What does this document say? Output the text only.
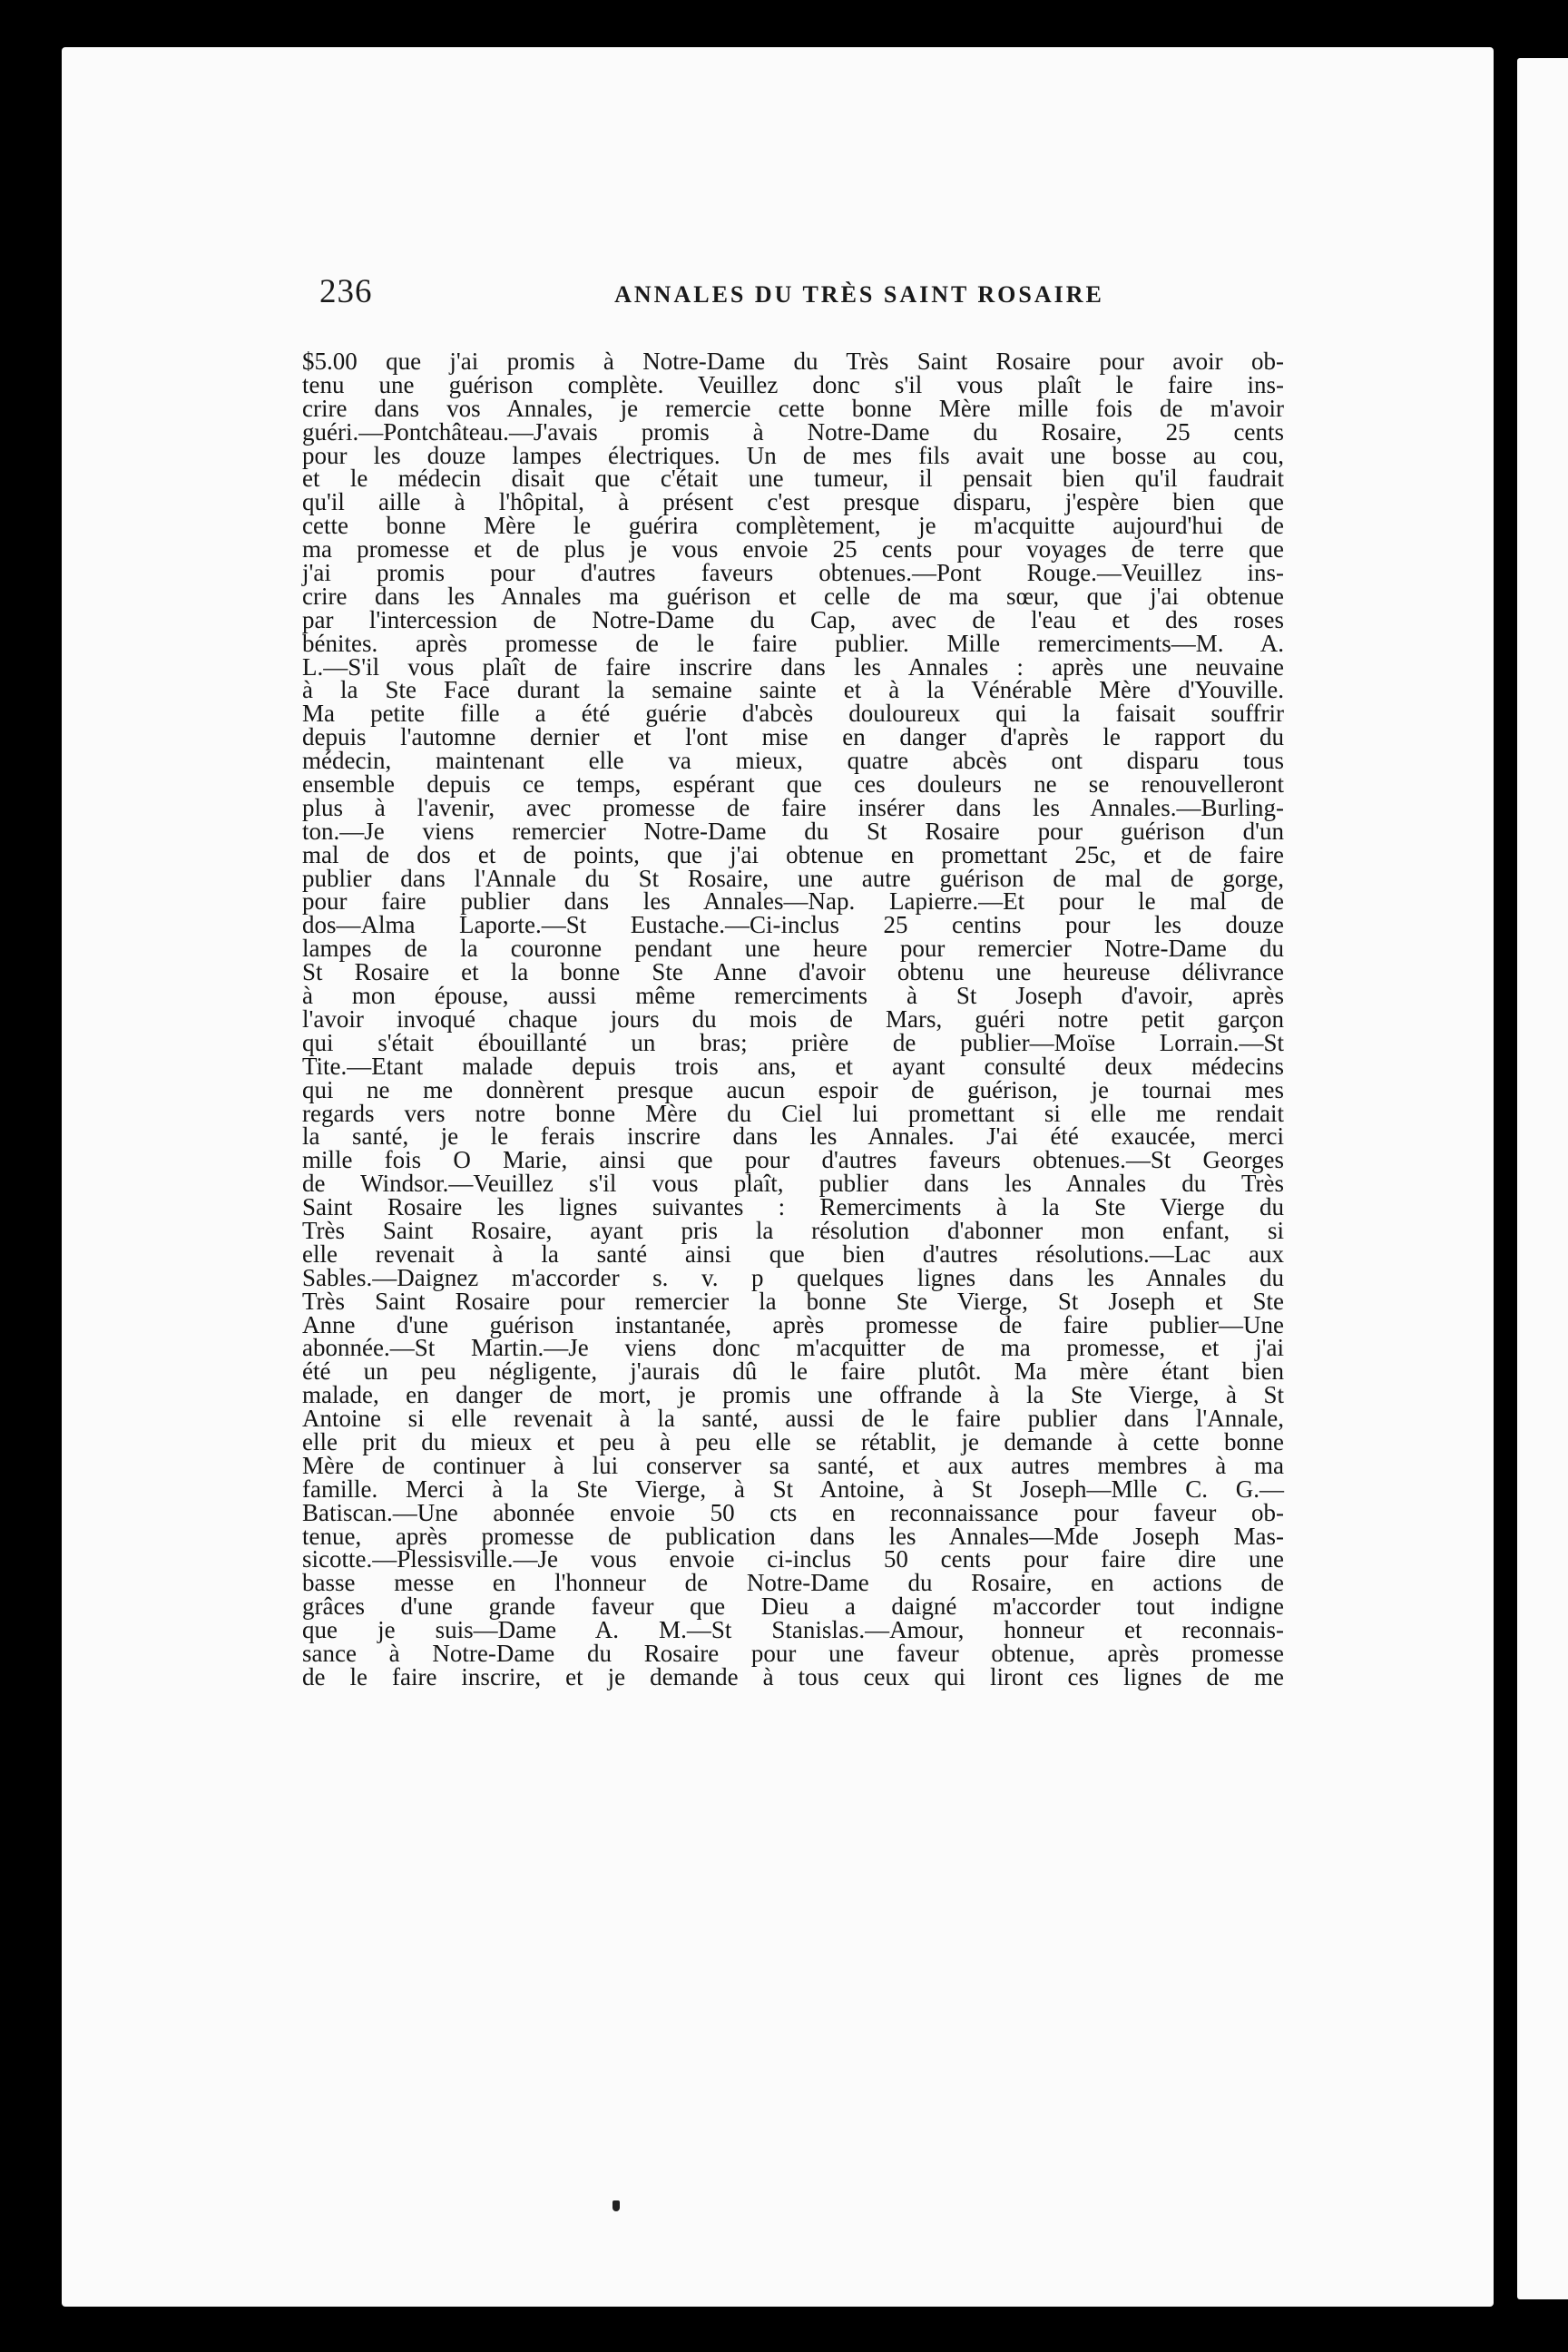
236	ANNALES DU TRÈS SAINT ROSAIRE
$5.00 que j'ai promis à Notre-Dame du Très Saint Rosaire pour avoir ob-
tenu une guérison complète. Veuillez donc s'il vous plaît le faire ins-
crire dans vos Annales, je remercie cette bonne Mère mille fois de m'avoir
guéri.—Pontchâteau.—J'avais promis à Notre-Dame du Rosaire, 25 cents
pour les douze lampes électriques. Un de mes fils avait une bosse au cou,
et le médecin disait que c'était une tumeur, il pensait bien qu'il faudrait
qu'il aille à l'hôpital, à présent c'est presque disparu, j'espère bien que
cette bonne Mère le guérira complètement, je m'acquitte aujourd'hui de
ma promesse et de plus je vous envoie 25 cents pour voyages de terre que
j'ai promis pour d'autres faveurs obtenues.—Pont Rouge.—Veuillez ins-
crire dans les Annales ma guérison et celle de ma sœur, que j'ai obtenue
par l'intercession de Notre-Dame du Cap, avec de l'eau et des roses
bénites. après promesse de le faire publier. Mille remerciments—M. A.
L.—S'il vous plaît de faire inscrire dans les Annales : après une neuvaine
à la Ste Face durant la semaine sainte et à la Vénérable Mère d'Youville.
Ma petite fille a été guérie d'abcès douloureux qui la faisait souffrir
depuis l'automne dernier et l'ont mise en danger d'après le rapport du
médecin, maintenant elle va mieux, quatre abcès ont disparu tous
ensemble depuis ce temps, espérant que ces douleurs ne se renouvelleront
plus à l'avenir, avec promesse de faire insérer dans les Annales.—Burling-
ton.—Je viens remercier Notre-Dame du St Rosaire pour guérison d'un
mal de dos et de points, que j'ai obtenue en promettant 25c, et de faire
publier dans l'Annale du St Rosaire, une autre guérison de mal de gorge,
pour faire publier dans les Annales—Nap. Lapierre.—Et pour le mal de
dos—Alma Laporte.—St Eustache.—Ci-inclus 25 centins pour les douze
lampes de la couronne pendant une heure pour remercier Notre-Dame du
St Rosaire et la bonne Ste Anne d'avoir obtenu une heureuse délivrance
à mon épouse, aussi même remerciments à St Joseph d'avoir, après
l'avoir invoqué chaque jours du mois de Mars, guéri notre petit garçon
qui s'était ébouillanté un bras; prière de publier—Moïse Lorrain.—St
Tite.—Etant malade depuis trois ans, et ayant consulté deux médecins
qui ne me donnèrent presque aucun espoir de guérison, je tournai mes
regards vers notre bonne Mère du Ciel lui promettant si elle me rendait
la santé, je le ferais inscrire dans les Annales. J'ai été exaucée, merci
mille fois O Marie, ainsi que pour d'autres faveurs obtenues.—St Georges
de Windsor.—Veuillez s'il vous plaît, publier dans les Annales du Très
Saint Rosaire les lignes suivantes : Remerciments à la Ste Vierge du
Très Saint Rosaire, ayant pris la résolution d'abonner mon enfant, si
elle revenait à la santé ainsi que bien d'autres résolutions.—Lac aux
Sables.—Daignez m'accorder s. v. p quelques lignes dans les Annales du
Très Saint Rosaire pour remercier la bonne Ste Vierge, St Joseph et Ste
Anne d'une guérison instantanée, après promesse de faire publier—Une
abonnée.—St Martin.—Je viens donc m'acquitter de ma promesse, et j'ai
été un peu négligente, j'aurais dû le faire plutôt. Ma mère étant bien
malade, en danger de mort, je promis une offrande à la Ste Vierge, à St
Antoine si elle revenait à la santé, aussi de le faire publier dans l'Annale,
elle prit du mieux et peu à peu elle se rétablit, je demande à cette bonne
Mère de continuer à lui conserver sa santé, et aux autres membres à ma
famille. Merci à la Ste Vierge, à St Antoine, à St Joseph—Mlle C. G.—
Batiscan.—Une abonnée envoie 50 cts en reconnaissance pour faveur ob-
tenue, après promesse de publication dans les Annales—Mde Joseph Mas-
sicotte.—Plessisville.—Je vous envoie ci-inclus 50 cents pour faire dire une
basse messe en l'honneur de Notre-Dame du Rosaire, en actions de
grâces d'une grande faveur que Dieu a daigné m'accorder tout indigne
que je suis—Dame A. M.—St Stanislas.—Amour, honneur et reconnais-
sance à Notre-Dame du Rosaire pour une faveur obtenue, après promesse
de le faire inscrire, et je demande à tous ceux qui liront ces lignes de me
